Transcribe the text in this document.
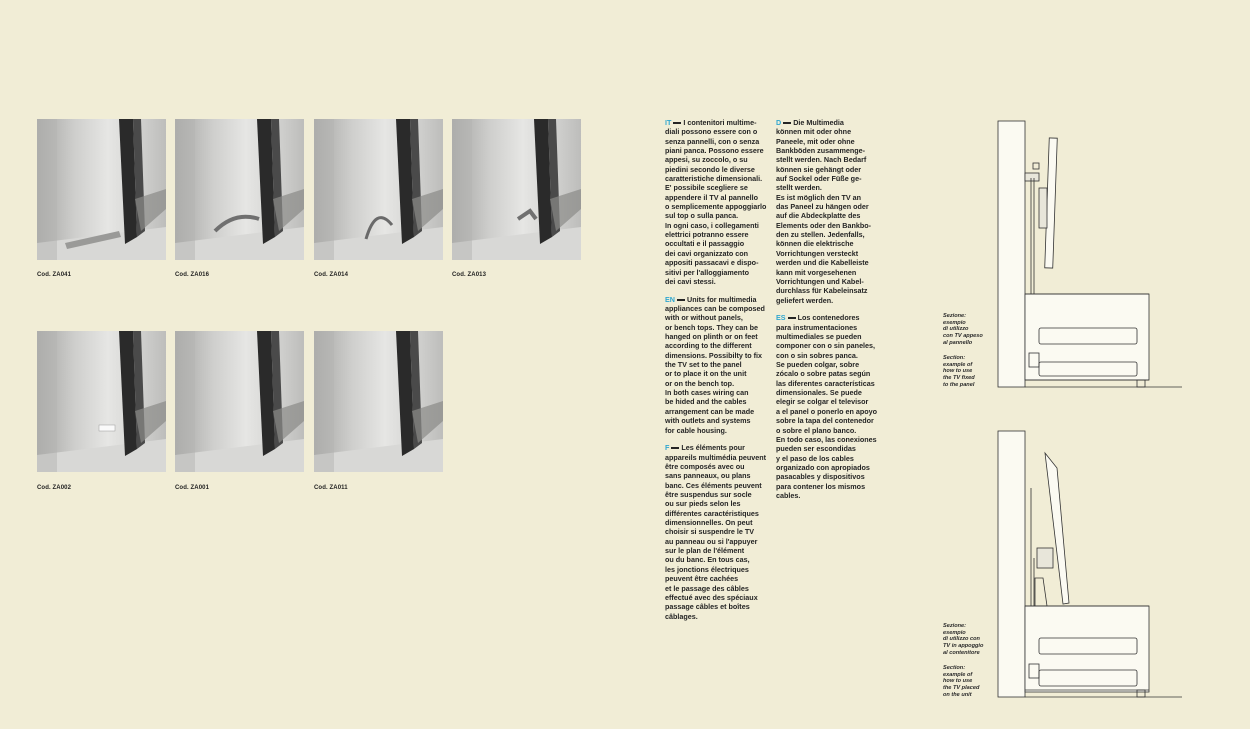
Cod. ZA041	Cod. ZA016	Cod. ZA014	Cod. ZA013
Cod. ZA002	Cod. ZA001	Cod. ZA011

IT I contenitori multime-
diali possono essere con o
senza pannelli, con o senza
piani panca. Possono essere
appesi, su zoccolo, o su
piedini secondo le diverse
caratteristiche dimensionali.
E' possibile scegliere se
appendere il TV al pannello
o semplicemente appoggiarlo
sul top o sulla panca.
In ogni caso, i collegamenti
elettrici potranno essere
occultati e il passaggio
dei cavi organizzato con
appositi passacavi e dispo-
sitivi per l'alloggiamento
dei cavi stessi.

EN Units for multimedia
appliances can be composed
with or without panels,
or bench tops. They can be
hanged on plinth or on feet
according to the different
dimensions. Possibilty to fix
the TV set to the panel
or to place it on the unit
or on the bench top.
In both cases wiring can
be hided and the cables
arrangement can be made
with outlets and systems
for cable housing.

F Les éléments pour
appareils multimédia peuvent
être composés avec ou
sans panneaux, ou plans
banc. Ces éléments peuvent
être suspendus sur socle
ou sur pieds selon les
différentes caractéristiques
dimensionnelles. On peut
choisir si suspendre le TV
au panneau ou si l'appuyer
sur le plan de l'élément
ou du banc. En tous cas,
les jonctions électriques
peuvent être cachées
et le passage des câbles
effectué avec des spéciaux
passage câbles et boîtes
câblages.

D Die Multimedia
können mit oder ohne
Paneele, mit oder ohne
Bankböden zusammenge-
stellt werden. Nach Bedarf
können sie gehängt oder
auf Sockel oder Füße ge-
stellt werden.
Es ist möglich den TV an
das Paneel zu hängen oder
auf die Abdeckplatte des
Elements oder den Bankbo-
den zu stellen. Jedenfalls,
können die elektrische
Vorrichtungen versteckt
werden und die Kabelleiste
kann mit vorgesehenen
Vorrichtungen und Kabel-
durchlass für Kabeleinsatz
geliefert werden.

ES Los contenedores
para instrumentaciones
multimediales se pueden
componer con o sin paneles,
con o sin sobres panca.
Se pueden colgar, sobre
zócalo o sobre patas según
las diferentes características
dimensionales. Se puede
elegir se colgar el televisor
a el panel o ponerlo en apoyo
sobre la tapa del contenedor
o sobre el plano banco.
En todo caso, las conexiones
pueden ser escondidas
y el paso de los cables
organizado con apropiados
pasacables y dispositivos
para contener los mismos
cables.

Sezione:
esempio
di utilizzo
con TV appeso
al pannello
Section:
example of
how to use
the TV fixed
to the panel
Sezione:
esempio
di utilizzo con
TV in appoggio
al contenitore
Section:
example of
how to use
the TV placed
on the unit
